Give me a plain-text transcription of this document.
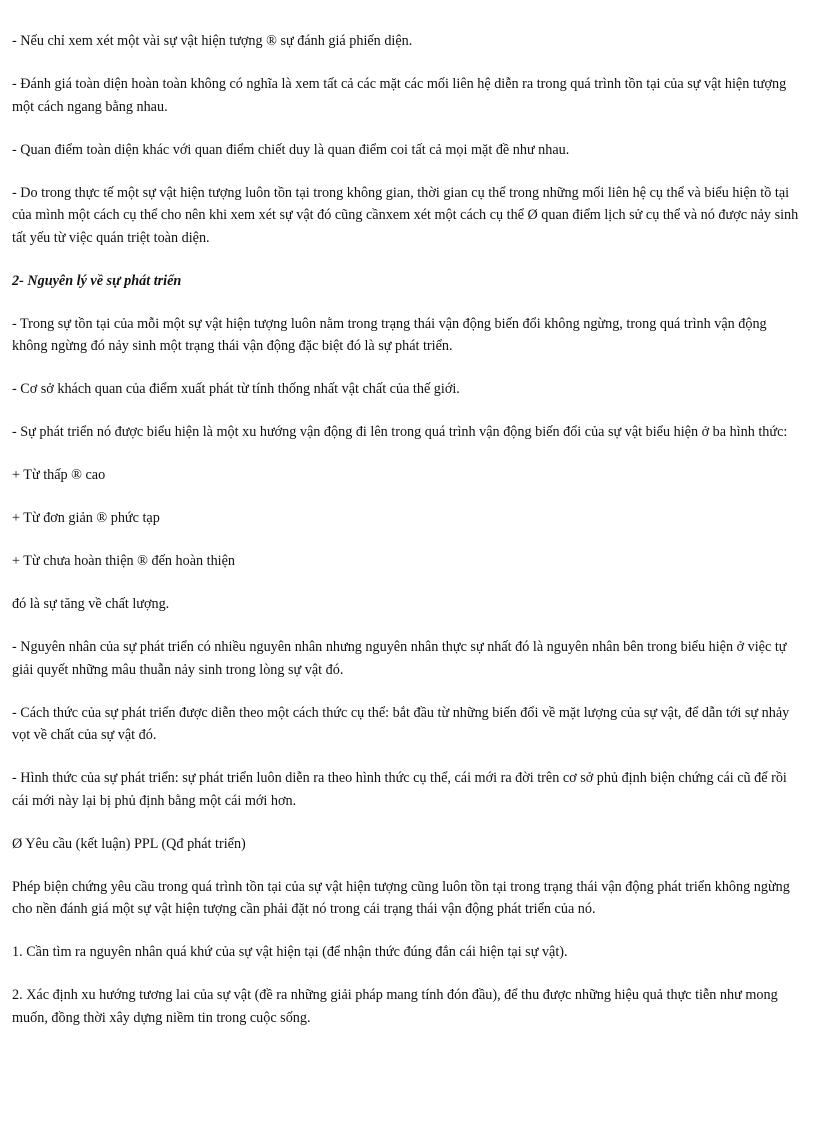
- Nếu chỉ xem xét một vài sự vật hiện tượng ® sự đánh giá phiến diện.

- Đánh giá toàn diện hoàn toàn không có nghĩa là xem tất cả các mặt các mối liên hệ diễn ra trong quá trình tồn tại của sự vật hiện tượng một cách ngang bằng nhau.

- Quan điểm toàn diện khác với quan điểm chiết duy là quan điểm coi tất cả mọi mặt đề như nhau.

- Do trong thực tế một sự vật hiện tượng luôn tồn tại trong không gian, thời gian cụ thể trong những mối liên hệ cụ thể và biểu hiện tồ tại của mình một cách cụ thể cho nên khi xem xét sự vật đó cũng cầnxem xét một cách cụ thể Ø quan điểm lịch sử cụ thể và nó được nảy sinh tất yếu từ việc quán triệt toàn diện.

2- Nguyên lý về sự phát triển

- Trong sự tồn tại của mỗi một sự vật hiện tượng luôn nằm trong trạng thái vận động biến đổi không ngừng, trong quá trình vận động không ngừng đó nảy sinh một trạng thái vận động đặc biệt đó là sự phát triển.

- Cơ sở khách quan của điểm xuất phát từ tính thống nhất vật chất của thế giới.

- Sự phát triển nó được biểu hiện là một xu hướng vận động đi lên trong quá trình vận động biến đổi của sự vật biểu hiện ở ba hình thức:

+ Từ thấp ® cao

+ Từ đơn giản ® phức tạp

+ Từ chưa hoàn thiện ® đến hoàn thiện

đó là sự tăng về chất lượng.

- Nguyên nhân của sự phát triển có nhiều nguyên nhân nhưng nguyên nhân thực sự nhất đó là nguyên nhân bên trong biểu hiện ở việc tự giải quyết những mâu thuẫn nảy sinh trong lòng sự vật đó.

- Cách thức của sự phát triển được diễn theo một cách thức cụ thể: bắt đầu từ những biến đổi về mặt lượng của sự vật, để dẫn tới sự nhảy vọt về chất của sự vật đó.

- Hình thức của sự phát triển: sự phát triển luôn diễn ra theo hình thức cụ thể, cái mới ra đời trên cơ sở phủ định biện chứng cái cũ để rồi cái mới này lại bị phủ định bằng một cái mới hơn.

Ø Yêu cầu (kết luận) PPL (Qđ phát triển)

Phép biện chứng yêu cầu trong quá trình tồn tại của sự vật hiện tượng cũng luôn tồn tại trong trạng thái vận động phát triển không ngừng cho nền đánh giá một sự vật hiện tượng cần phải đặt nó trong cái trạng thái vận động phát triển của nó.

1. Cần tìm ra nguyên nhân quá khứ của sự vật hiện tại (để nhận thức đúng đắn cái hiện tại sự vật).

2. Xác định xu hướng tương lai của sự vật (đề ra những giải pháp mang tính đón đầu), để thu được những hiệu quả thực tiễn như mong muốn, đồng thời xây dựng niềm tin trong cuộc sống.
